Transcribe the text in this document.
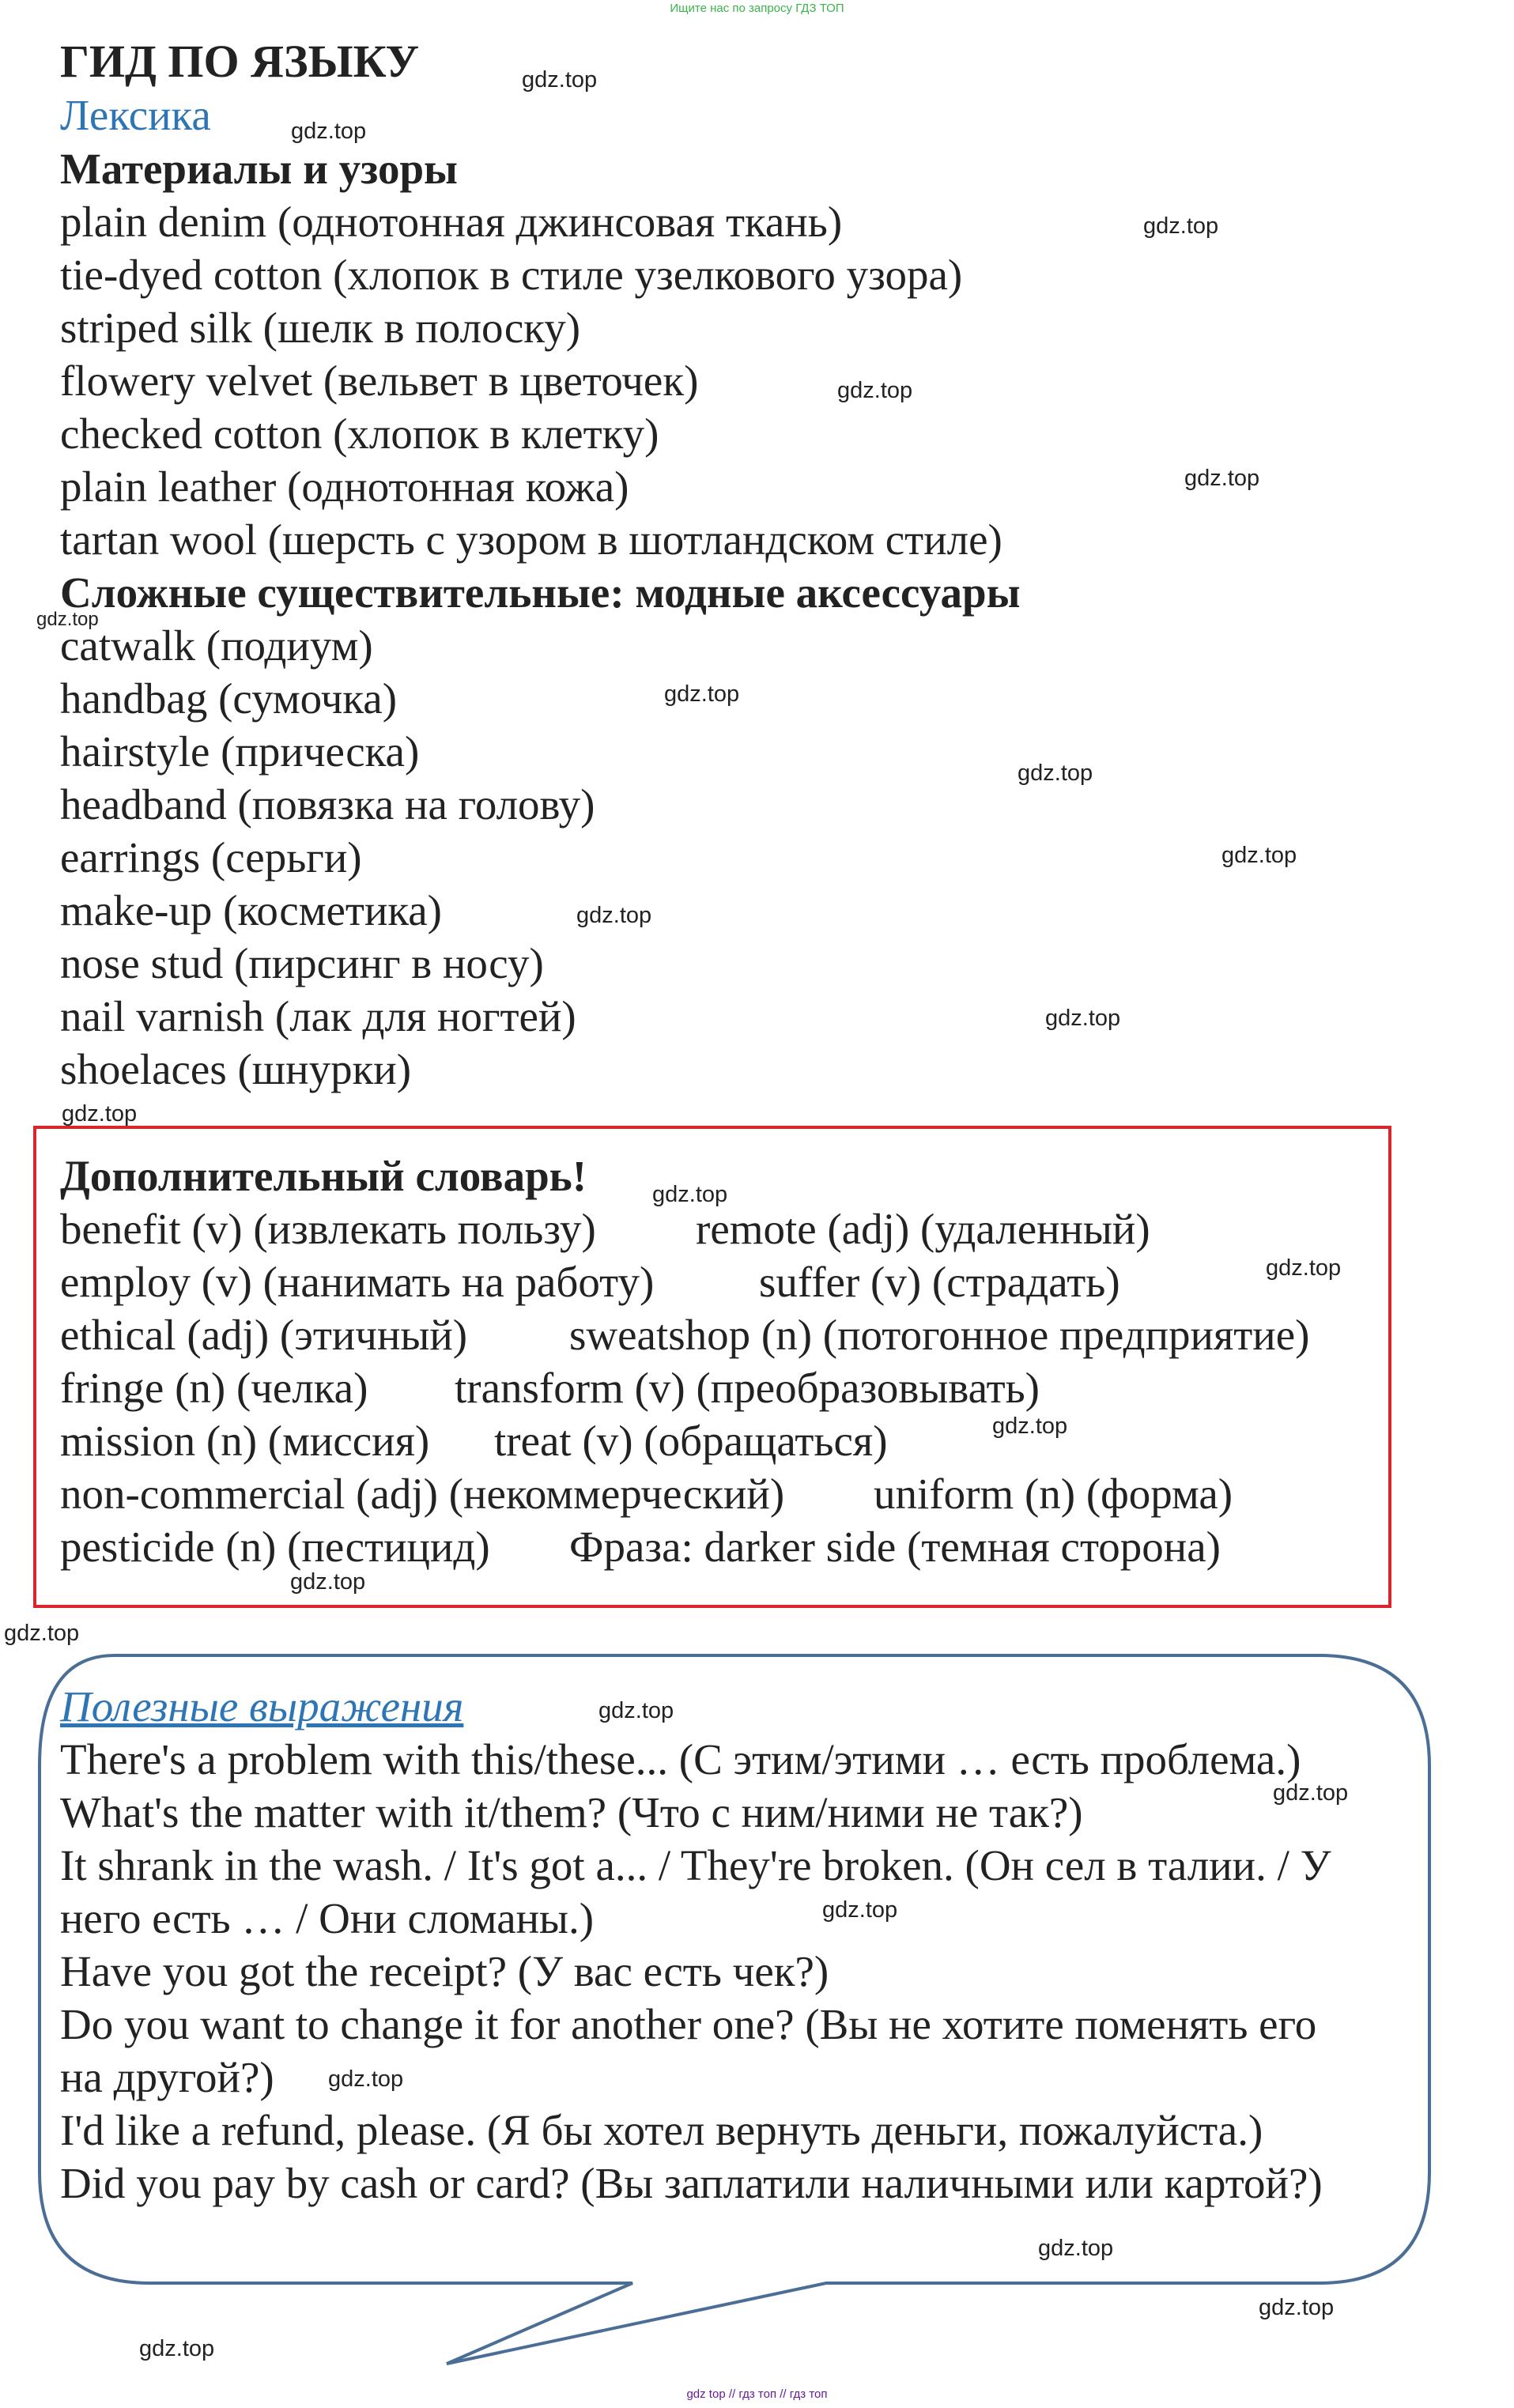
Ищите нас по запросу ГДЗ ТОП
gdz top // гдз топ // гдз топ

ГИД ПО ЯЗЫКУ

Лексика

Материалы и узоры

plain denim (однотонная джинсовая ткань)

tie-dyed cotton (хлопок в стиле узелкового узора)

striped silk (шелк в полоску)

flowery velvet (вельвет в цветочек)

checked cotton (хлопок в клетку)

plain leather (однотонная кожа)

tartan wool (шерсть с узором в шотландском стиле)

Сложные существительные: модные аксессуары

catwalk (подиум)

handbag (сумочка)

hairstyle (прическа)

headband (повязка на голову)

earrings (серьги)

make-up (косметика)

nose stud (пирсинг в носу)

nail varnish (лак для ногтей)

shoelaces (шнурки)

Дополнительный словарь!

benefit (v) (извлекать пользу) remote (adj) (удаленный)

employ (v) (нанимать на работу) suffer (v) (страдать)

ethical (adj) (этичный) sweatshop (n) (потогонное предприятие)

fringe (n) (челка) transform (v) (преобразовывать)

mission (n) (миссия) treat (v) (обращаться)

non-commercial (adj) (некоммерческий) uniform (n) (форма)

pesticide (n) (пестицид) Фраза: darker side (темная сторона)

Полезные выражения

There's a problem with this/these... (С этим/этими … есть проблема.)

What's the matter with it/them? (Что с ним/ними не так?)

It shrank in the wash. / It's got a... / They're broken. (Он сел в талии. / У

него есть … / Они сломаны.)

Have you got the receipt? (У вас есть чек?)

Do you want to change it for another one? (Вы не хотите поменять его

на другой?)

I'd like a refund, please. (Я бы хотел вернуть деньги, пожалуйста.)

Did you pay by cash or card? (Вы заплатили наличными или картой?)

gdz.top
gdz.top
gdz.top
gdz.top
gdz.top
gdz.top
gdz.top
gdz.top
gdz.top
gdz.top
gdz.top
gdz.top
gdz.top
gdz.top
gdz.top
gdz.top
gdz.top
gdz.top
gdz.top
gdz.top
gdz.top
gdz.top
gdz.top
gdz.top
